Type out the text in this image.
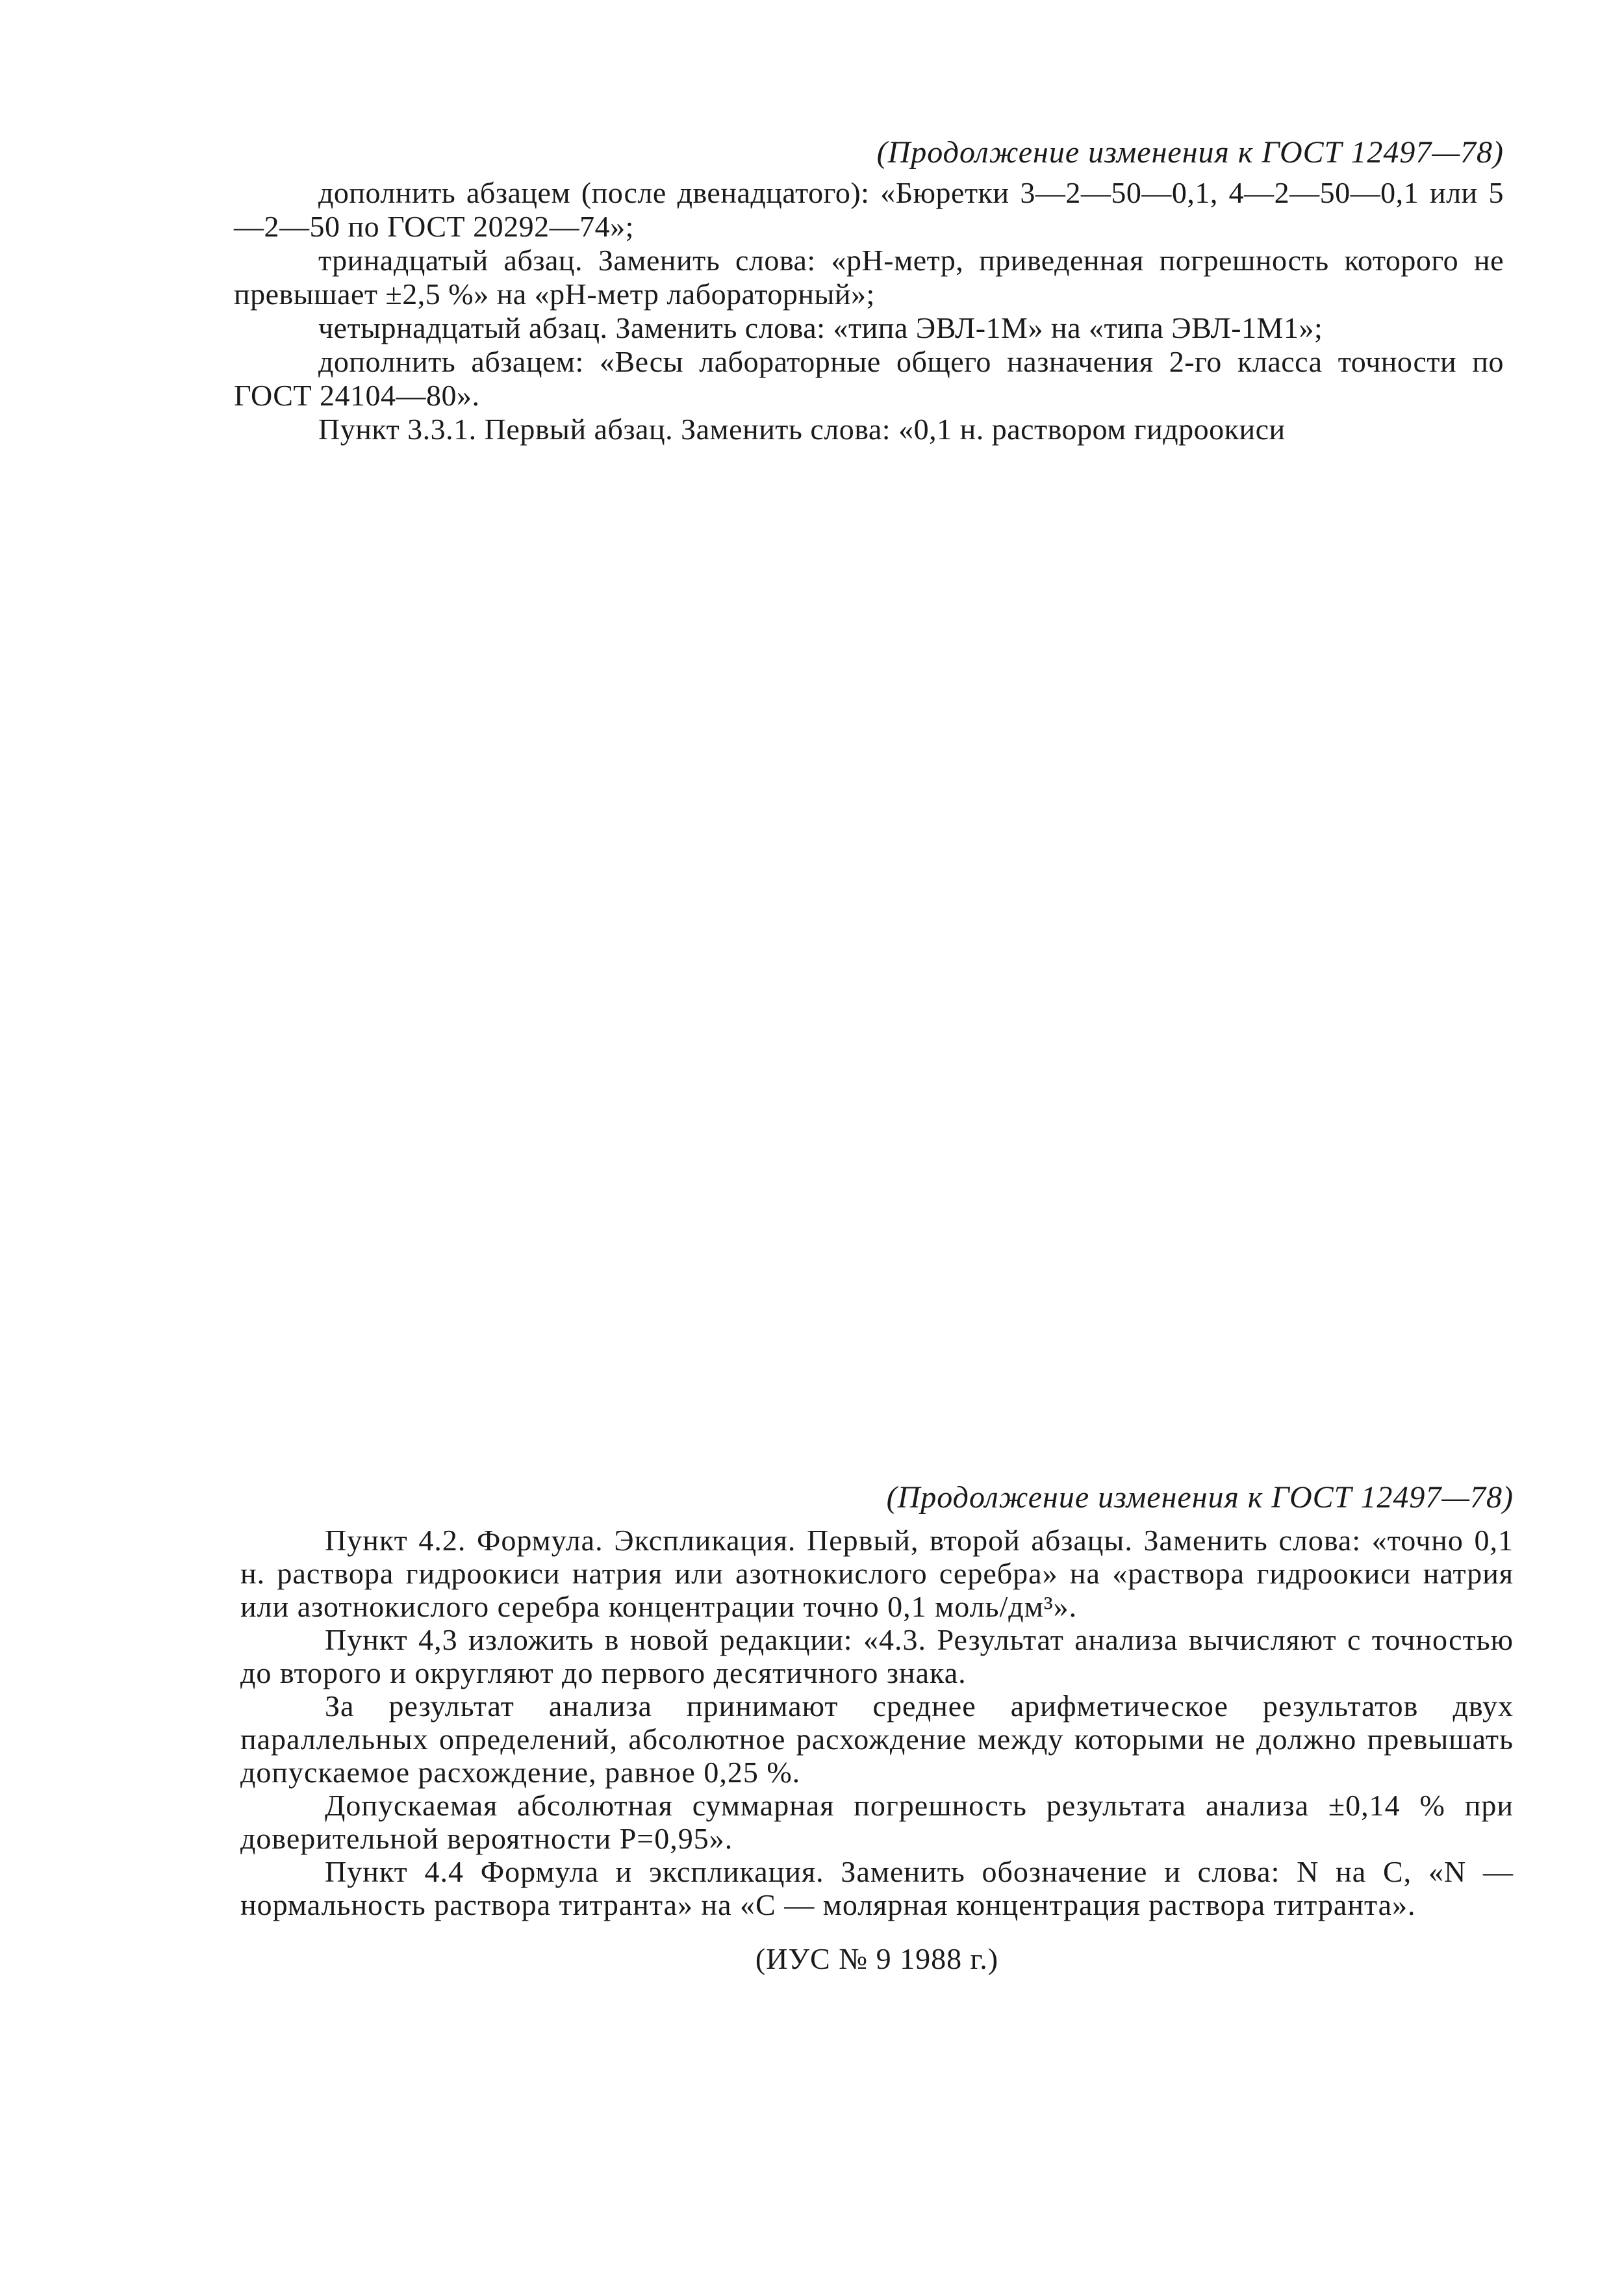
(Продолжение изменения к ГОСТ 12497—78)

дополнить абзацем (после двенадцатого): «Бюретки 3—2—50—0,1, 4—2—50—0,1 или 5—2—50 по ГОСТ 20292—74»;

тринадцатый абзац. Заменить слова: «рН-метр, приведенная погрешность которого не превышает ±2,5 %» на «рН-метр лабораторный»;

четырнадцатый абзац. Заменить слова: «типа ЭВЛ-1М» на «типа ЭВЛ-1М1»;

дополнить абзацем: «Весы лабораторные общего назначения 2-го класса точности по ГОСТ 24104—80».

Пункт 3.3.1. Первый абзац. Заменить слова: «0,1 н. раствором гидроокиси

(Продолжение изменения к ГОСТ 12497—78)

Пункт 4.2. Формула. Экспликация. Первый, второй абзацы. Заменить слова: «точно 0,1 н. раствора гидроокиси натрия или азотнокислого серебра» на «раствора гидроокиси натрия или азотнокислого серебра концентрации точно 0,1 моль/дм³».

Пункт 4,3 изложить в новой редакции: «4.3. Результат анализа вычисляют с точностью до второго и округляют до первого десятичного знака.

За результат анализа принимают среднее арифметическое результатов двух параллельных определений, абсолютное расхождение между которыми не должно превышать допускаемое расхождение, равное 0,25 %.

Допускаемая абсолютная суммарная погрешность результата анализа ±0,14 % при доверительной вероятности P=0,95».

Пункт 4.4 Формула и экспликация. Заменить обозначение и слова: N на C, «N — нормальность раствора титранта» на «C — молярная концентрация раствора титранта».

(ИУС № 9 1988 г.)
